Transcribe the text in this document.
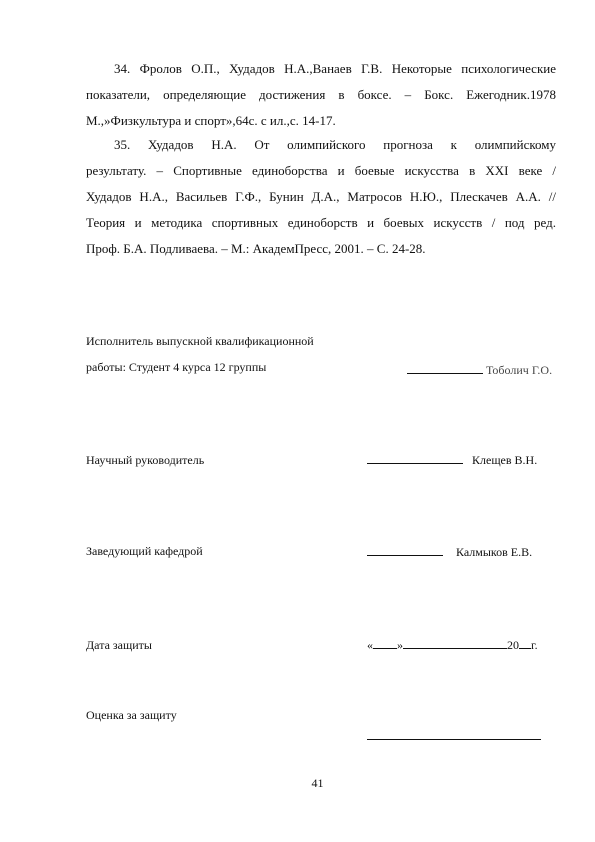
34. Фролов О.П., Худадов Н.А.,Ванаев Г.В. Некоторые психологические
показатели, определяющие достижения в боксе. – Бокс. Ежегодник.1978
М.,»Физкультура и спорт»,64с. с ил.,с. 14-17.
35. Худадов Н.А. От олимпийского прогноза к олимпийскому
результату. – Спортивные единоборства и боевые искусства в XXI веке /
Худадов Н.А., Васильев Г.Ф., Бунин Д.А., Матросов Н.Ю., Плескачев А.А. //
Теория и методика спортивных единоборств и боевых искусств / под ред.
Проф. Б.А. Подливаева. – М.: АкадемПресс, 2001. – С. 24-28.
Исполнитель выпускной квалификационной
работы: Студент 4 курса 12 группы	Тоболич Г.О.
Научный руководитель	Клещев В.Н.
Заведующий кафедрой	Калмыков Е.В.
Дата защиты	« »	20 г.
Оценка за защиту
41
